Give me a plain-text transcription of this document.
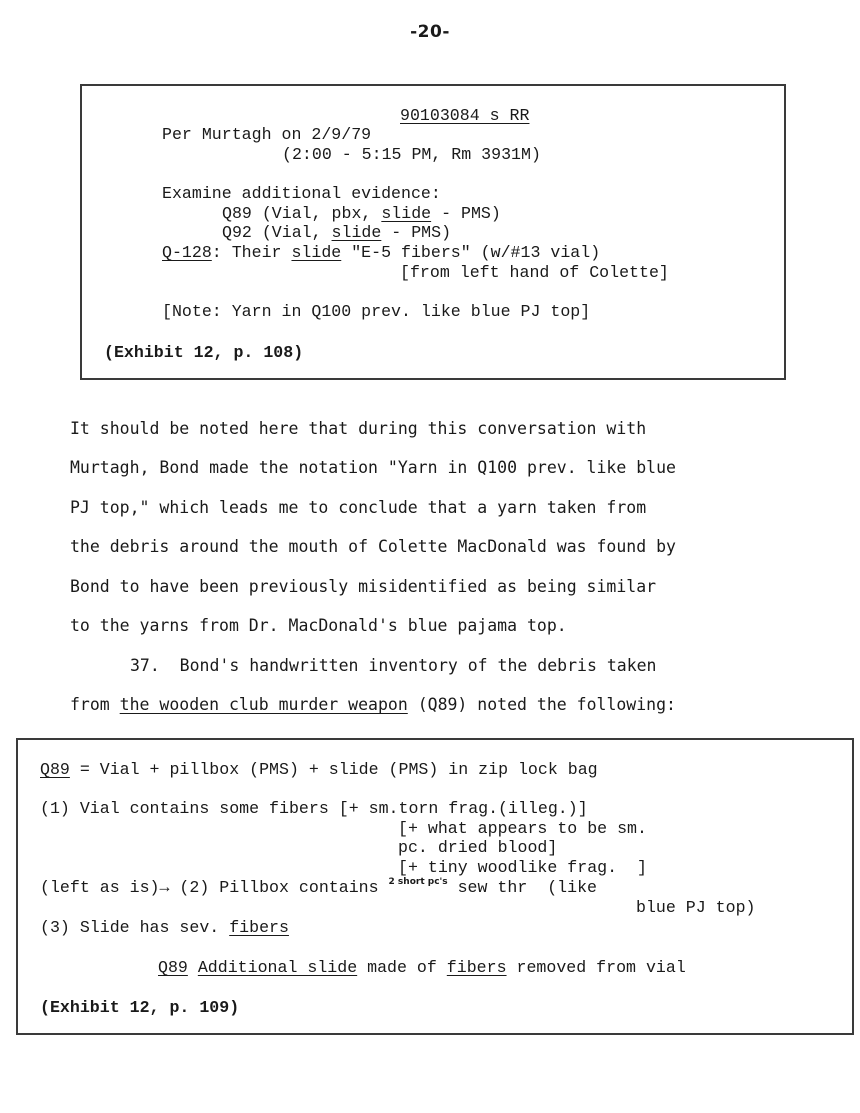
-20-
90103084 s RR
Per Murtagh on 2/9/79
(2:00 - 5:15 PM, Rm 3931M)
Examine additional evidence:
Q89 (Vial, pbx, slide - PMS)
Q92 (Vial, slide - PMS)
Q-128: Their slide "E-5 fibers" (w/#13 vial)
[from left hand of Colette]
[Note: Yarn in Q100 prev. like blue PJ top]
(Exhibit 12, p. 108)
It should be noted here that during this conversation with
Murtagh, Bond made the notation "Yarn in Q100 prev. like blue
PJ top," which leads me to conclude that a yarn taken from
the debris around the mouth of Colette MacDonald was found by
Bond to have been previously misidentified as being similar
to the yarns from Dr. MacDonald's blue pajama top.
37.  Bond's handwritten inventory of the debris taken
from the wooden club murder weapon (Q89) noted the following:
Q89 = Vial + pillbox (PMS) + slide (PMS) in zip lock bag
(1) Vial contains some fibers [+ sm.torn frag.(illeg.)]
[+ what appears to be sm.
pc. dried blood]
[+ tiny woodlike frag.  ]
(left as is)→ (2) Pillbox contains $^{2 short pc's}$ sew thr  (like
blue PJ top)
(3) Slide has sev. fibers
Q89 Additional slide made of fibers removed from vial
(Exhibit 12, p. 109)
